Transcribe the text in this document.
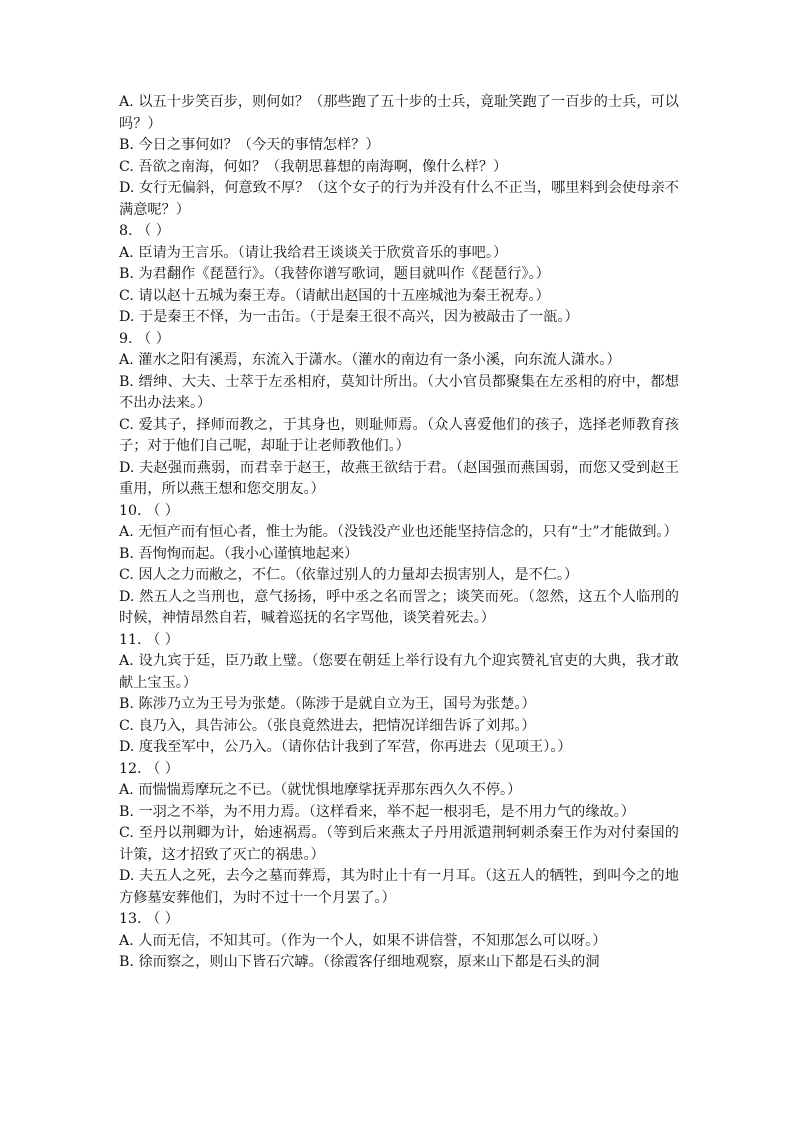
A. 以五十步笑百步，则何如？（那些跑了五十步的士兵，竟耻笑跑了一百步的士兵，可以吗？）

B. 今日之事何如？（今天的事情怎样？）

C. 吾欲之南海，何如？（我朝思暮想的南海啊，像什么样？）

D. 女行无偏斜，何意致不厚？（这个女子的行为并没有什么不正当，哪里料到会使母亲不满意呢？）

8. （ ）

A. 臣请为王言乐。（请让我给君王谈谈关于欣赏音乐的事吧。）

B. 为君翻作《琵琶行》。（我替你谱写歌词，题目就叫作《琵琶行》。）

C. 请以赵十五城为秦王寿。（请献出赵国的十五座城池为秦王祝寿。）

D. 于是秦王不怿，为一击缶。（于是秦王很不高兴，因为被敲击了一瓿。）

9. （ ）

A. 灌水之阳有溪焉，东流入于潇水。（灌水的南边有一条小溪，向东流人潇水。）

B. 缙绅、大夫、士萃于左丞相府，莫知计所出。（大小官员都聚集在左丞相的府中，都想不出办法来。）

C. 爱其子，择师而教之，于其身也，则耻师焉。（众人喜爱他们的孩子，选择老师教育孩子；对于他们自己呢，却耻于让老师教他们。）

D. 夫赵强而燕弱，而君幸于赵王，故燕王欲结于君。（赵国强而燕国弱，而您又受到赵王重用，所以燕王想和您交朋友。）

10. （ ）

A. 无恒产而有恒心者，惟士为能。（没钱没产业也还能坚持信念的，只有“士”才能做到。）

B. 吾恂恂而起。（我小心谨慎地起来）

C. 因人之力而敝之，不仁。（依靠过别人的力量却去损害别人，是不仁。）

D. 然五人之当刑也，意气扬扬，呼中丞之名而詈之；谈笑而死。（忽然，这五个人临刑的时候，神情昂然自若，喊着巡抚的名字骂他，谈笑着死去。）

11. （ ）

A. 设九宾于廷，臣乃敢上璧。（您要在朝廷上举行设有九个迎宾赞礼官吏的大典，我才敢献上宝玉。）

B. 陈涉乃立为王号为张楚。（陈涉于是就自立为王，国号为张楚。）

C. 良乃入，具告沛公。（张良竟然进去，把情况详细告诉了刘邦。）

D. 度我至军中，公乃入。（请你估计我到了军营，你再进去（见项王）。）

12. （ ）

A. 而惴惴焉摩玩之不已。（就忧惧地摩挲抚弄那东西久久不停。）

B. 一羽之不举，为不用力焉。（这样看来，举不起一根羽毛，是不用力气的缘故。）

C. 至丹以荆卿为计，始速祸焉。（等到后来燕太子丹用派遣荆轲刺杀秦王作为对付秦国的计策，这才招致了灭亡的祸患。）

D. 夫五人之死，去今之墓而葬焉，其为时止十有一月耳。（这五人的牺牲，到叫今之的地方修墓安葬他们，为时不过十一个月罢了。）

13. （ ）

A. 人而无信，不知其可。（作为一个人，如果不讲信誉，不知那怎么可以呀。）

B. 徐而察之，则山下皆石穴罅。（徐霞客仔细地观察，原来山下都是石头的洞
